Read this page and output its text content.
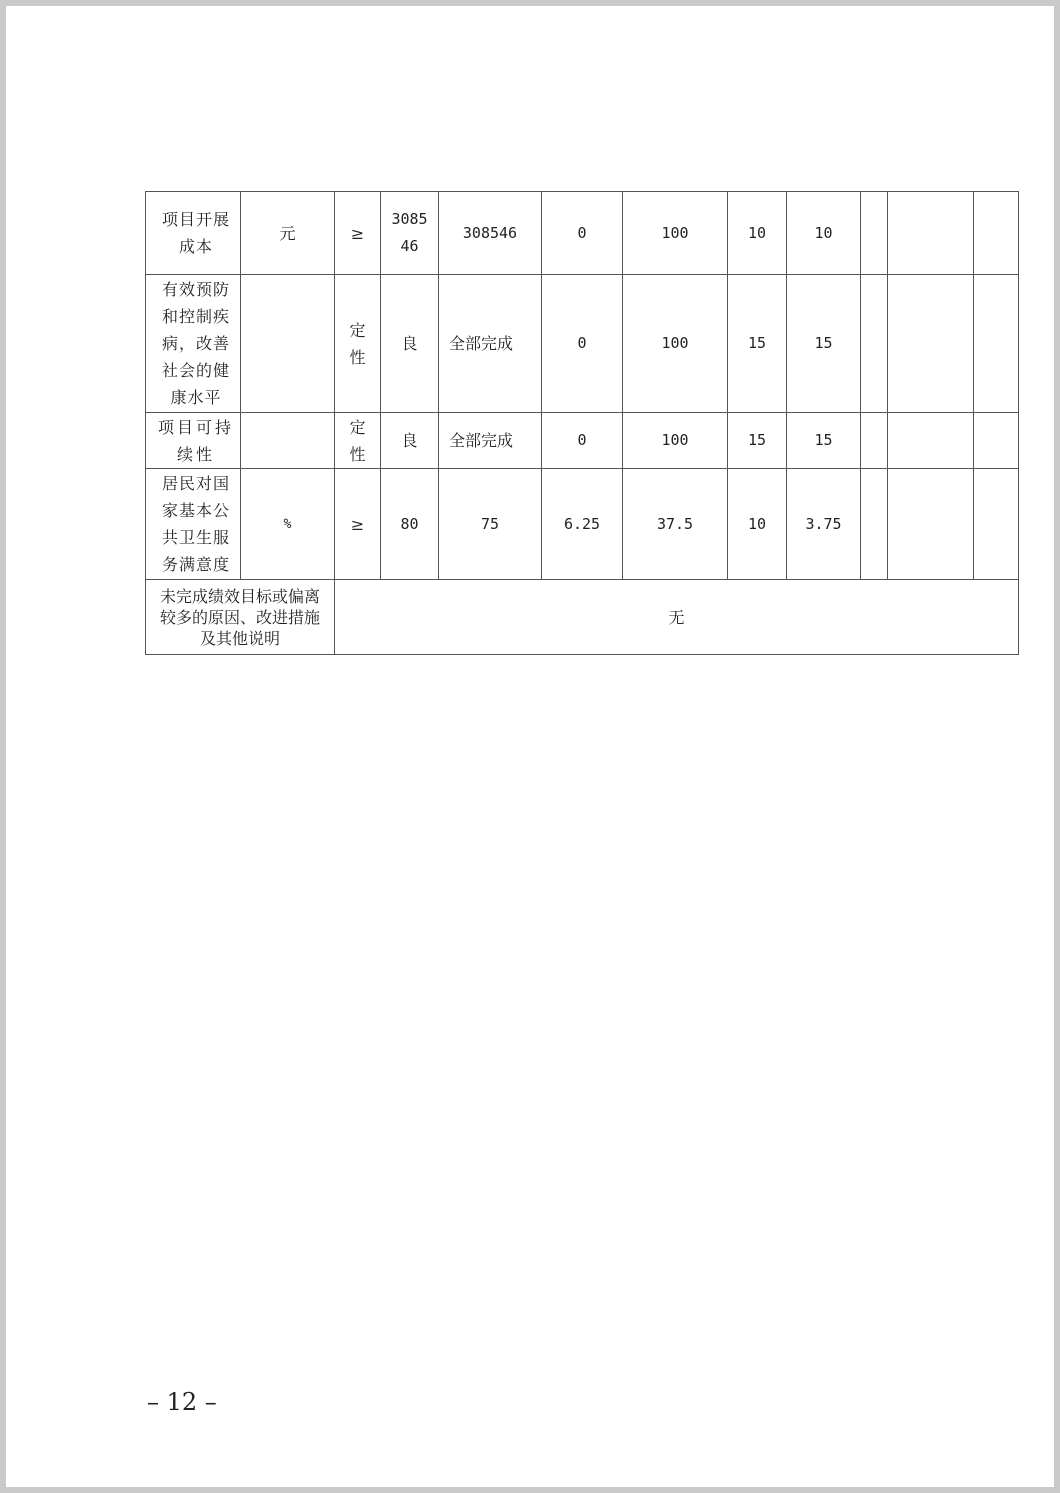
项目开展成本	元	≥	308546	308546	0	100	10	10			
有效预防和控制疾病，改善社会的健康水平		定性	良	全部完成	0	100	15	15			
项目可持续性		定性	良	全部完成	0	100	15	15			
居民对国家基本公共卫生服务满意度	%	≥	80	75	6.25	37.5	10	3.75			
未完成绩效目标或偏离较多的原因、改进措施及其他说明		无									
– 12 –
